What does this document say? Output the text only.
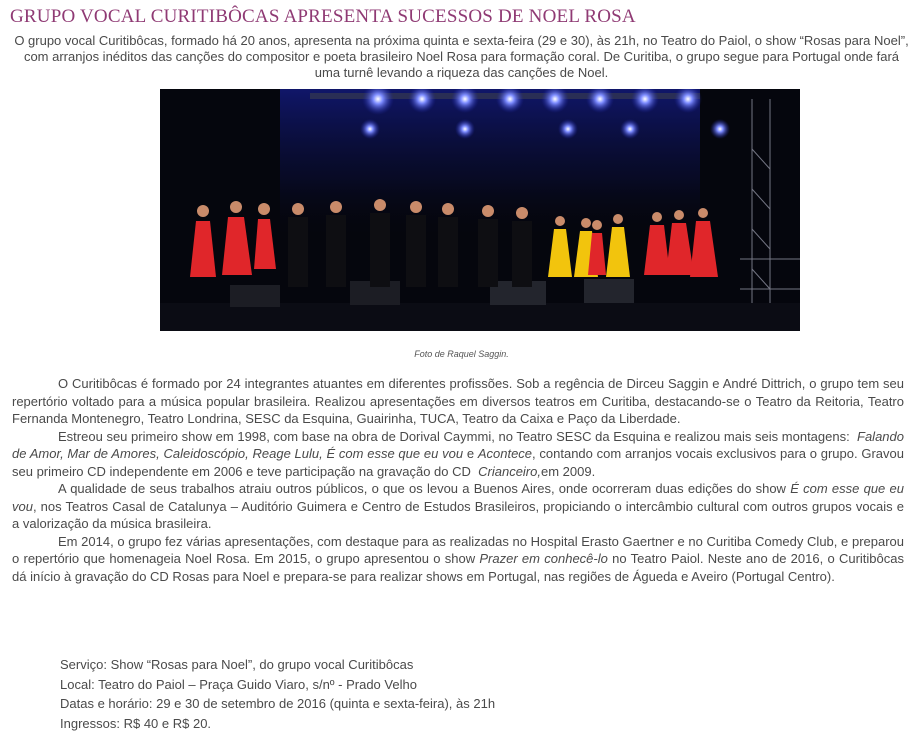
GRUPO VOCAL CURITIBÔCAS APRESENTA SUCESSOS DE NOEL ROSA

O grupo vocal Curitibôcas, formado há 20 anos, apresenta na próxima quinta e sexta-feira (29 e 30), às 21h, no Teatro do Paiol, o show “Rosas para Noel”, com arranjos inéditos das canções do compositor e poeta brasileiro Noel Rosa para formação coral. De Curitiba, o grupo segue para Portugal onde fará uma turnê levando a riqueza das canções de Noel.

Foto de Raquel Saggin.

O Curitibôcas é formado por 24 integrantes atuantes em diferentes profissões. Sob a regência de Dirceu Saggin e André Dittrich, o grupo tem seu repertório voltado para a música popular brasileira. Realizou apresentações em diversos teatros em Curitiba, destacando-se o Teatro da Reitoria, Teatro Fernanda Montenegro, Teatro Londrina, SESC da Esquina, Guairinha, TUCA, Teatro da Caixa e Paço da Liberdade.

Estreou seu primeiro show em 1998, com base na obra de Dorival Caymmi, no Teatro SESC da Esquina e realizou mais seis montagens: Falando de Amor, Mar de Amores, Caleidoscópio, Reage Lulu, É com esse que eu vou e Acontece, contando com arranjos vocais exclusivos para o grupo. Gravou seu primeiro CD independente em 2006 e teve participação na gravação do CD Crianceiro,em 2009.

A qualidade de seus trabalhos atraiu outros públicos, o que os levou a Buenos Aires, onde ocorreram duas edições do show É com esse que eu vou, nos Teatros Casal de Catalunya – Auditório Guimera e Centro de Estudos Brasileiros, propiciando o intercâmbio cultural com outros grupos vocais e a valorização da música brasileira.

Em 2014, o grupo fez várias apresentações, com destaque para as realizadas no Hospital Erasto Gaertner e no Curitiba Comedy Club, e preparou o repertório que homenageia Noel Rosa. Em 2015, o grupo apresentou o show Prazer em conhecê-lo no Teatro Paiol. Neste ano de 2016, o Curitibôcas dá início à gravação do CD Rosas para Noel e prepara-se para realizar shows em Portugal, nas regiões de Águeda e Aveiro (Portugal Centro).

Serviço: Show “Rosas para Noel”, do grupo vocal Curitibôcas
Local: Teatro do Paiol – Praça Guido Viaro, s/nº - Prado Velho
Datas e horário: 29 e 30 de setembro de 2016 (quinta e sexta-feira), às 21h
Ingressos: R$ 40 e R$ 20.
